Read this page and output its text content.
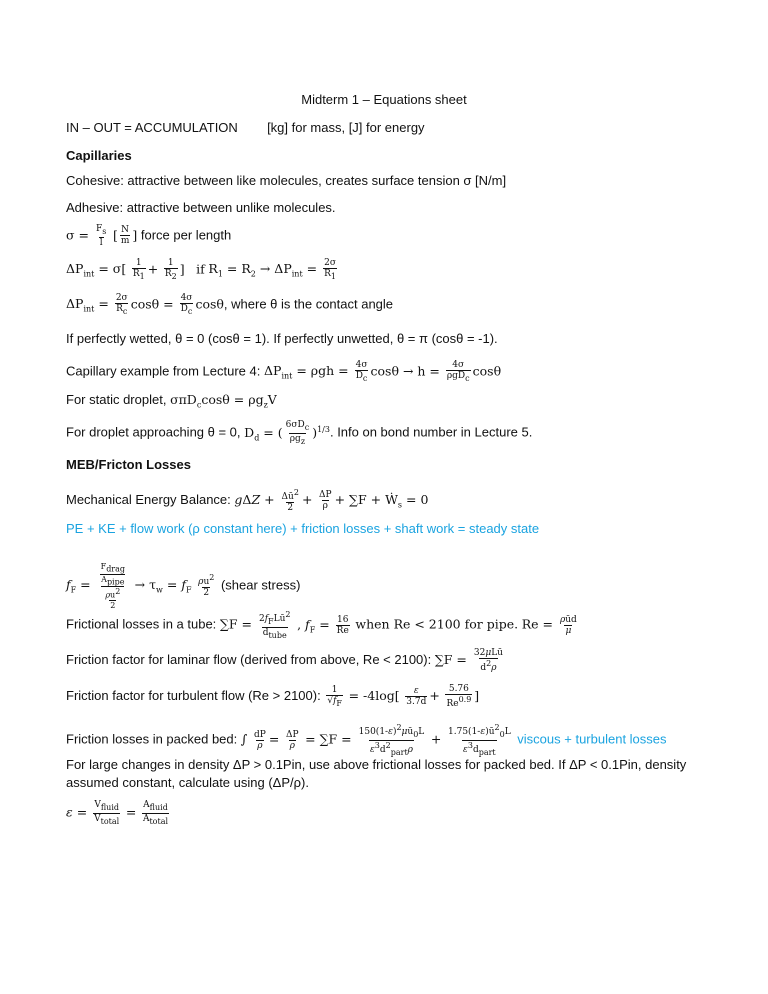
Midterm 1 – Equations sheet
IN – OUT = ACCUMULATION [kg] for mass, [J] for energy
Capillaries
Cohesive: attractive between like molecules, creates surface tension σ [N/m]
Adhesive: attractive between unlike molecules.
$\sigma = \frac{F_s}{l}$ [ $\frac{N}{m}$ ] force per length
$\Delta P_{int} = \sigma[ \frac{1}{R_1} + \frac{1}{R_2}$ ]   if $R_1 = R_2 \to \Delta P_{int} = \frac{2\sigma}{R_1}$
$\Delta P_{int} = \frac{2\sigma}{R_c}$ $\cos\theta = \frac{4\sigma}{D_c} \cos\theta$, where θ is the contact angle
If perfectly wetted, θ = 0 (cosθ = 1). If perfectly unwetted, θ = π (cosθ = -1).
Capillary example from Lecture 4: $\Delta P_{int} = \rho gh = \frac{4\sigma}{D_c}$ $\cos\theta \to h = \frac{4\sigma}{\rho gD_c}$ cosθ
For static droplet, $\sigma\pi D_c\cos\theta = \rho g_zV$
For droplet approaching θ = 0, $D_d$ = ( $\frac{6\sigma D_c}{\rho g_z} )^{1/3}$. Info on bond number in Lecture 5.
MEB/Fricton Losses
Mechanical Energy Balance: $g\Delta Z + \frac{\Delta ū^2}{2} + \frac{\Delta P}{\rho} + \sum F$ + Ẇ$_s$ = 0
PE + KE + flow work (ρ constant here) + friction losses + shaft work = steady state
$f_F = \frac{\frac{F_{drag}}{A_{pipe}}}{\frac{\rho u^2}{2}} \to \tau_w = f_F \frac{\rho u^2}{2}$ (shear stress)
Frictional losses in a tube: $\sum F = \frac{2f_FLū^2}{d_{tube}}$ , $f_F = \frac{16}{Re}$ when Re < 2100 for pipe. $Re = \frac{\text{ρūd}}{\mu}$
Friction factor for laminar flow (derived from above, Re < 2100): $\sum F = \frac{\text{32μLū}}{d^2\rho}$
Friction factor for turbulent flow (Re > 2100): $\frac{1}{√f_F} = -4\log[ \frac{\varepsilon}{3.7d} + \frac{5.76}{Re^{0.9}}$ ]
Friction losses in packed bed: ∫ $\frac{dP}{\rho} = \frac{\Delta P}{\rho} = \sum F = \frac{150(1-\varepsilon)^2\mu ū_0L}{\varepsilon^3d^2_{part}\rho} + \frac{1.75(1-\varepsilon)ū^2_0L}{\varepsilon^3d_{part}}$ viscous + turbulent losses
For large changes in density ΔP > 0.1Pin, use above frictional losses for packed bed. If ΔP < 0.1Pin, density
assumed constant, calculate using (ΔP/ρ).
$\varepsilon = \frac{V_{fluid}}{V_{total}} = \frac{A_{fluid}}{A_{total}}$
